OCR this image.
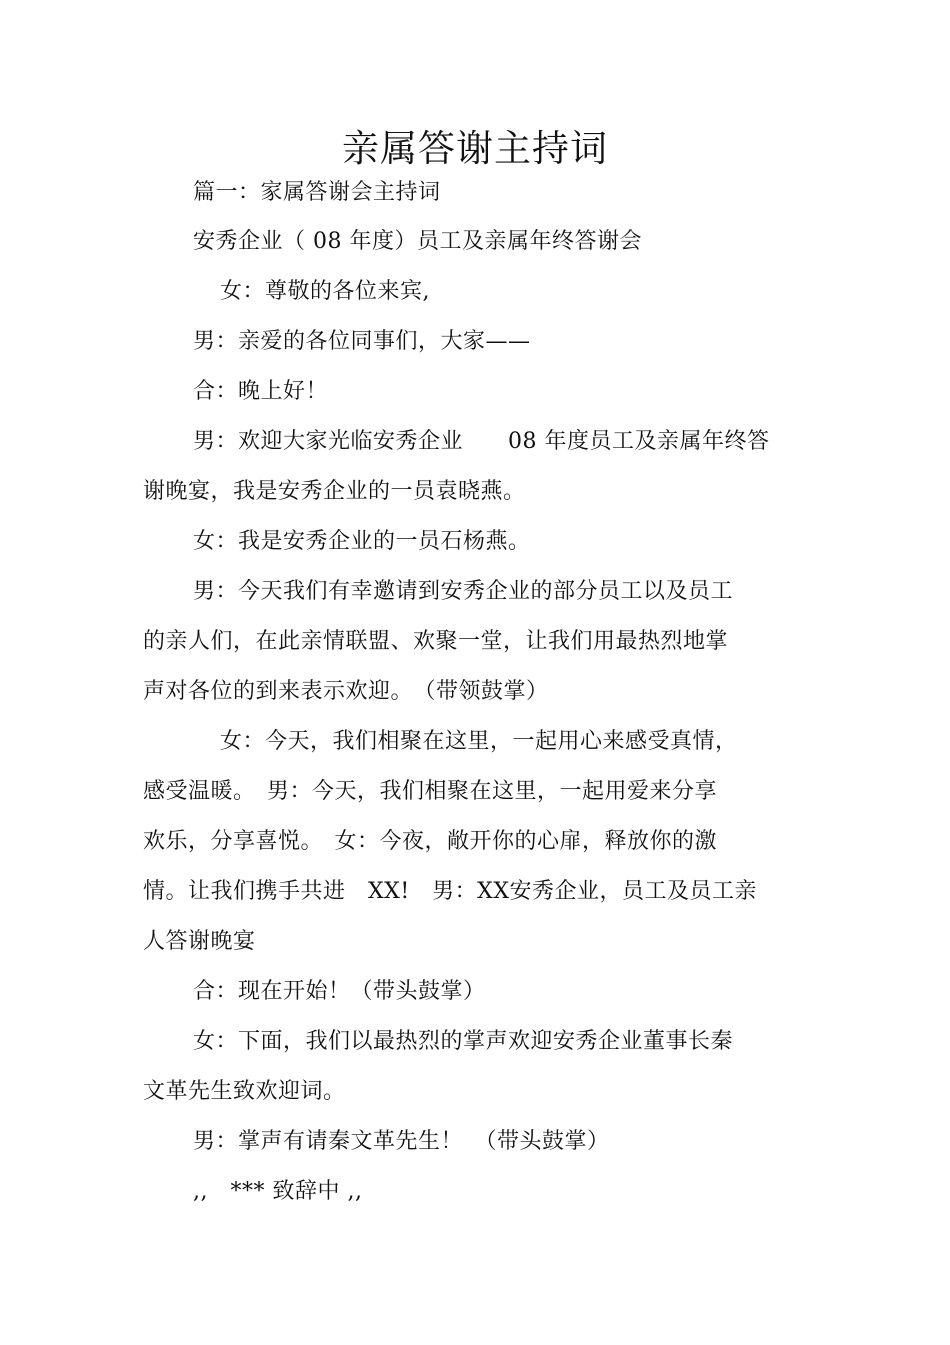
亲属答谢主持词
篇一：家属答谢会主持词
安秀企业（ 08 年度）员工及亲属年终答谢会
女：尊敬的各位来宾,
男：亲爱的各位同事们，大家——
合：晚上好！
男：欢迎大家光临安秀企业　　08 年度员工及亲属年终答
谢晚宴，我是安秀企业的一员袁晓燕。
女：我是安秀企业的一员石杨燕。
男：今天我们有幸邀请到安秀企业的部分员工以及员工
的亲人们，在此亲情联盟、欢聚一堂，让我们用最热烈地掌
声对各位的到来表示欢迎。　（带领鼓掌）
女：今天，我们相聚在这里，一起用心来感受真情，
感受温暖。　男：今天，我们相聚在这里，一起用爱来分享
欢乐，分享喜悦。　女：今夜，敞开你的心扉，释放你的激
情。让我们携手共进　XX!　男：XX安秀企业，员工及员工亲
人答谢晚宴
合：现在开始！（带头鼓掌）
女：下面，我们以最热烈的掌声欢迎安秀企业董事长秦
文革先生致欢迎词。
男：掌声有请秦文革先生！　（带头鼓掌）
,,　*** 致辞中 ,,
